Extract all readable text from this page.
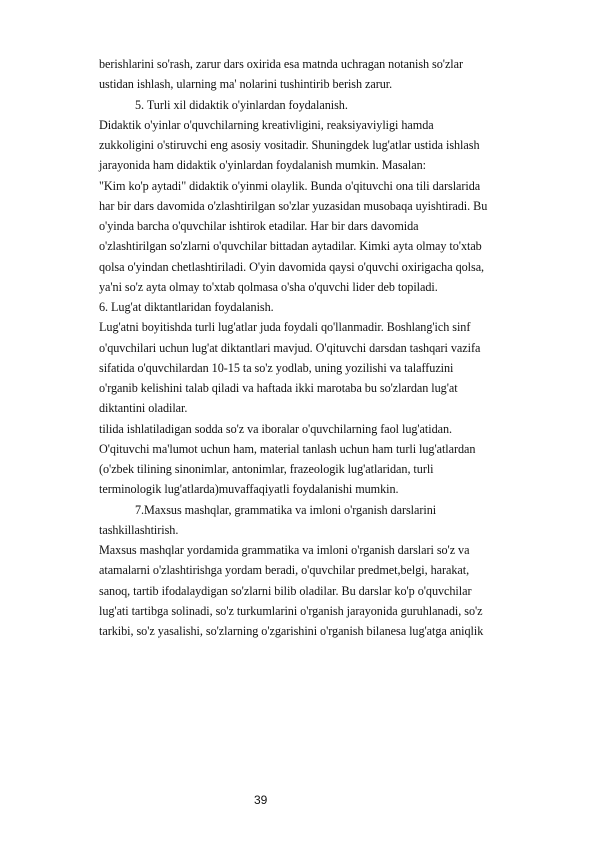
berishlarini so'rash, zarur dars oxirida esa matnda uchragan notanish so'zlar
ustidan ishlash, ularning ma' nolarini tushintirib berish zarur.
5. Turli xil didaktik o'yinlardan foydalanish.
Didaktik o'yinlar o'quvchilarning kreativligini, reaksiyaviyligi hamda
zukkoligini o'stiruvchi eng asosiy vositadir. Shuningdek lug'atlar ustida ishlash
jarayonida ham didaktik o'yinlardan foydalanish mumkin. Masalan:
"Kim ko'p aytadi" didaktik o'yinmi olaylik. Bunda o'qituvchi ona tili darslarida
har bir dars davomida o'zlashtirilgan so'zlar yuzasidan musobaqa uyishtiradi. Bu
o'yinda barcha o'quvchilar ishtirok etadilar. Har bir dars davomida
o'zlashtirilgan so'zlarni o'quvchilar bittadan aytadilar. Kimki ayta olmay to'xtab
qolsa o'yindan chetlashtiriladi. O'yin davomida qaysi o'quvchi oxirigacha qolsa,
ya'ni so'z ayta olmay to'xtab qolmasa o'sha o'quvchi lider deb topiladi.
6. Lug'at diktantlaridan foydalanish.
Lug'atni boyitishda turli lug'atlar juda foydali qo'llanmadir. Boshlang'ich sinf
o'quvchilari uchun lug'at diktantlari mavjud. O'qituvchi darsdan tashqari vazifa
sifatida o'quvchilardan 10-15 ta so'z yodlab, uning yozilishi va talaffuzini
o'rganib kelishini talab qiladi va haftada ikki marotaba bu so'zlardan lug'at
diktantini oladilar.
tilida ishlatiladigan sodda so'z va iboralar o'quvchilarning faol lug'atidan.
O'qituvchi ma'lumot uchun ham, material tanlash uchun ham turli lug'atlardan
(o'zbek tilining sinonimlar, antonimlar, frazeologik lug'atlaridan, turli
terminologik lug'atlarda)muvaffaqiyatli foydalanishi mumkin.
7.Maxsus mashqlar, grammatika va imloni o'rganish darslarini
tashkillashtirish.
Maxsus mashqlar yordamida grammatika va imloni o'rganish darslari so'z va
atamalarni o'zlashtirishga yordam beradi, o'quvchilar predmet,belgi, harakat,
sanoq, tartib ifodalaydigan so'zlarni bilib oladilar. Bu darslar ko'p o'quvchilar
lug'ati tartibga solinadi, so'z turkumlarini o'rganish jarayonida guruhlanadi, so'z
tarkibi, so'z yasalishi, so'zlarning o'zgarishini o'rganish bilanesa lug'atga aniqlik
39
